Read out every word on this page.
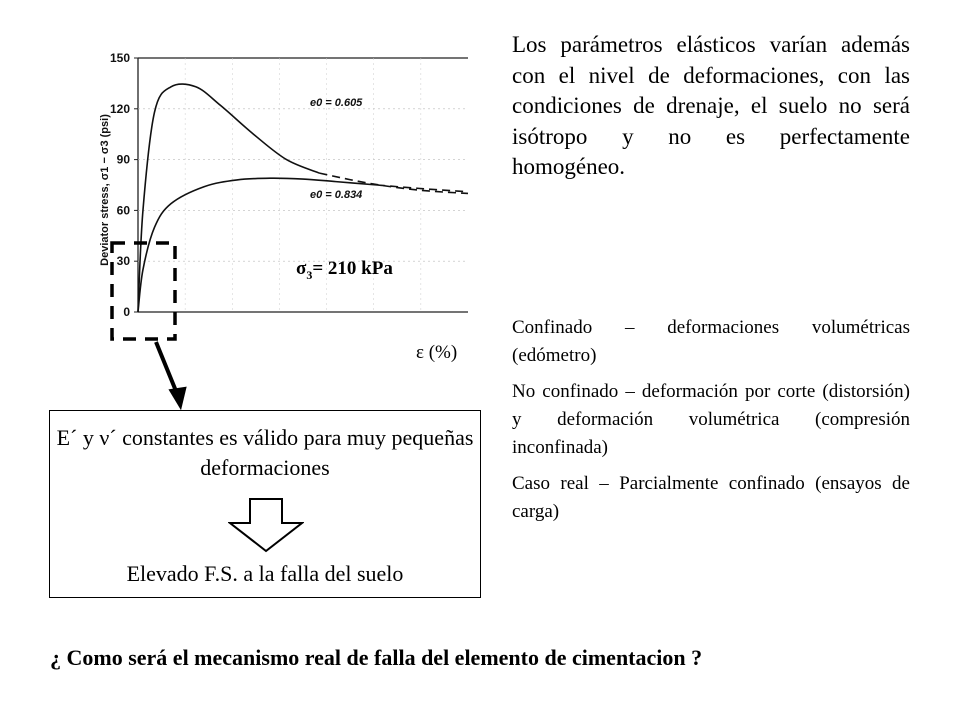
150
120
90
60
30
0
Deviator stress, σ1 − σ3 (psi)
e0 = 0.605
e0 = 0.834
$\sigma_3= 210$ kPa
ε (%)

Los parámetros elásticos varían además con el nivel de deformaciones, con las condiciones de drenaje, el suelo no será isótropo y no es perfectamente homogéneo.

Confinado – deformaciones volumétricas (edómetro)

No confinado – deformación por corte (distorsión) y deformación volumétrica (compresión inconfinada)

Caso real – Parcialmente confinado (ensayos de carga)

E´ y ν´ constantes es válido para muy pequeñas deformaciones
Elevado F.S. a la falla del suelo

¿ Como será el mecanismo real de falla del elemento de cimentacion ?
